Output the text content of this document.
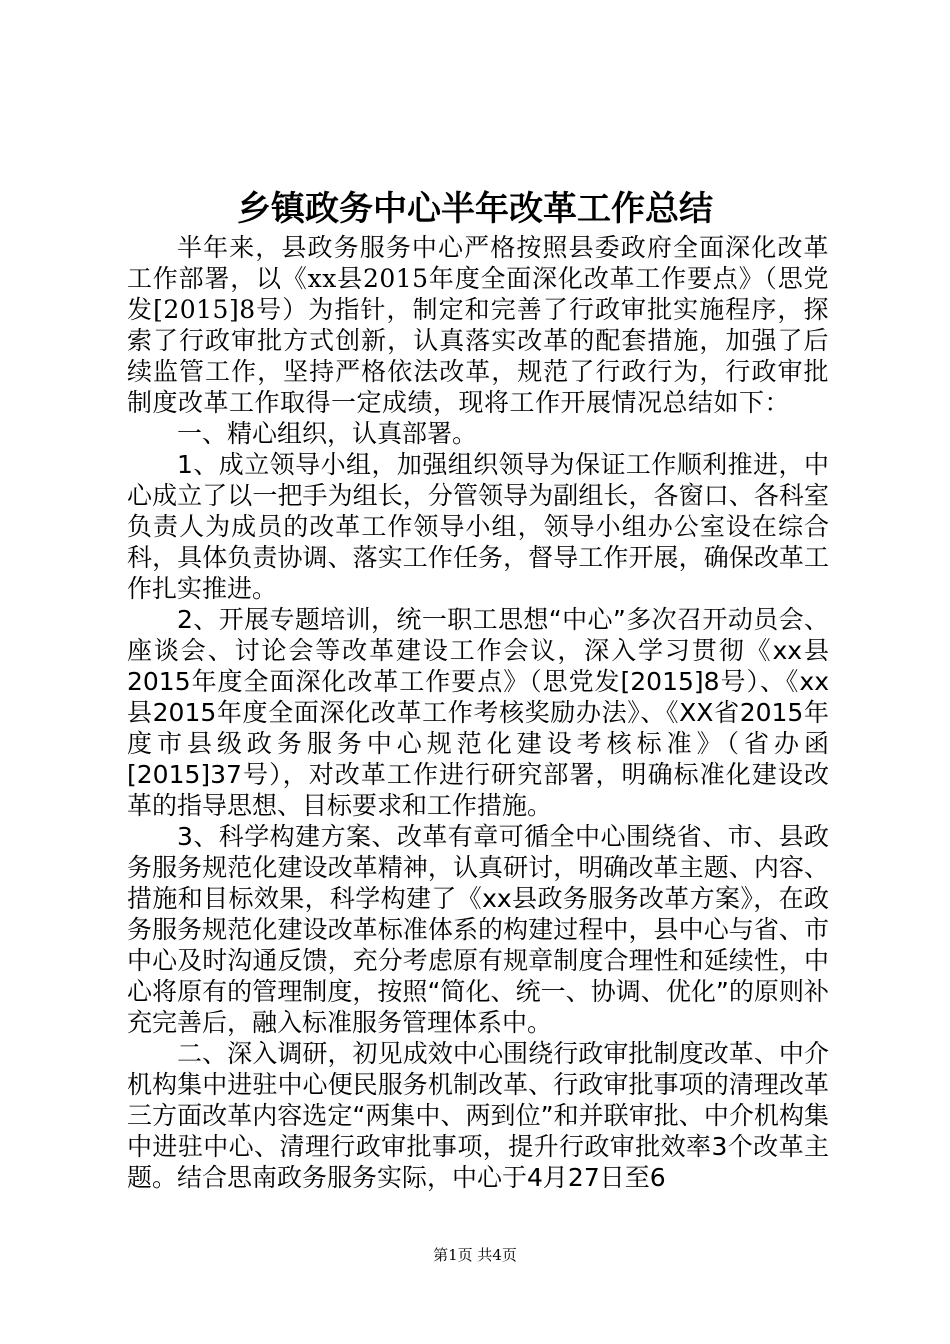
乡镇政务中心半年改革工作总结

半年来，县政务服务中心严格按照县委政府全面深化改革工作部署，以《xx县2015年度全面深化改革工作要点》（思党发[2015]8号）为指针，制定和完善了行政审批实施程序，探索了行政审批方式创新，认真落实改革的配套措施，加强了后续监管工作，坚持严格依法改革，规范了行政行为，行政审批制度改革工作取得一定成绩，现将工作开展情况总结如下：

一、精心组织，认真部署。

1、成立领导小组，加强组织领导为保证工作顺利推进，中心成立了以一把手为组长，分管领导为副组长，各窗口、各科室负责人为成员的改革工作领导小组，领导小组办公室设在综合科，具体负责协调、落实工作任务，督导工作开展，确保改革工作扎实推进。

2、开展专题培训，统一职工思想“中心”多次召开动员会、座谈会、讨论会等改革建设工作会议，深入学习贯彻《xx县2015年度全面深化改革工作要点》（思党发[2015]8号）、《xx县2015年度全面深化改革工作考核奖励办法》、《XX省2015年度市县级政务服务中心规范化建设考核标准》（省办函[2015]37号），对改革工作进行研究部署，明确标准化建设改革的指导思想、目标要求和工作措施。

3、科学构建方案、改革有章可循全中心围绕省、市、县政务服务规范化建设改革精神，认真研讨，明确改革主题、内容、措施和目标效果，科学构建了《xx县政务服务改革方案》，在政务服务规范化建设改革标准体系的构建过程中，县中心与省、市中心及时沟通反馈，充分考虑原有规章制度合理性和延续性，中心将原有的管理制度，按照“简化、统一、协调、优化”的原则补充完善后，融入标准服务管理体系中。

二、深入调研，初见成效中心围绕行政审批制度改革、中介机构集中进驻中心便民服务机制改革、行政审批事项的清理改革三方面改革内容选定“两集中、两到位”和并联审批、中介机构集中进驻中心、清理行政审批事项，提升行政审批效率3个改革主题。结合思南政务服务实际，中心于4月27日至6

第1页 共4页
